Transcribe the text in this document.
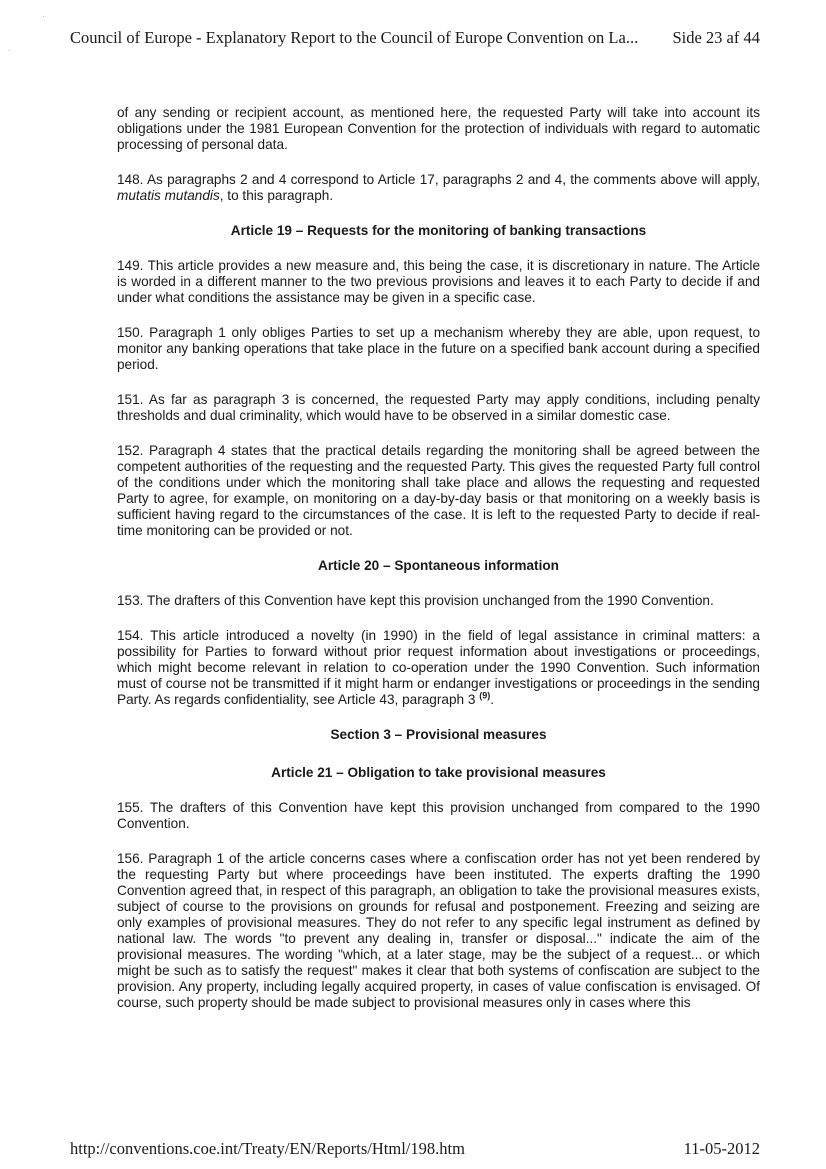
·
·
Council of Europe - Explanatory Report to the Council of Europe Convention on La... Side 23 af 44

of any sending or recipient account, as mentioned here, the requested Party will take into account its obligations under the 1981 European Convention for the protection of individuals with regard to automatic processing of personal data.

148. As paragraphs 2 and 4 correspond to Article 17, paragraphs 2 and 4, the comments above will apply, mutatis mutandis, to this paragraph.

Article 19 – Requests for the monitoring of banking transactions

149. This article provides a new measure and, this being the case, it is discretionary in nature. The Article is worded in a different manner to the two previous provisions and leaves it to each Party to decide if and under what conditions the assistance may be given in a specific case.

150. Paragraph 1 only obliges Parties to set up a mechanism whereby they are able, upon request, to monitor any banking operations that take place in the future on a specified bank account during a specified period.

151. As far as paragraph 3 is concerned, the requested Party may apply conditions, including penalty thresholds and dual criminality, which would have to be observed in a similar domestic case.

152. Paragraph 4 states that the practical details regarding the monitoring shall be agreed between the competent authorities of the requesting and the requested Party. This gives the requested Party full control of the conditions under which the monitoring shall take place and allows the requesting and requested Party to agree, for example, on monitoring on a day-by-day basis or that monitoring on a weekly basis is sufficient having regard to the circumstances of the case. It is left to the requested Party to decide if real-time monitoring can be provided or not.

Article 20 – Spontaneous information

153. The drafters of this Convention have kept this provision unchanged from the 1990 Convention.

154. This article introduced a novelty (in 1990) in the field of legal assistance in criminal matters: a possibility for Parties to forward without prior request information about investigations or proceedings, which might become relevant in relation to co-operation under the 1990 Convention. Such information must of course not be transmitted if it might harm or endanger investigations or proceedings in the sending Party. As regards confidentiality, see Article 43, paragraph 3 $^{(9)}$.

Section 3 – Provisional measures

Article 21 – Obligation to take provisional measures

155. The drafters of this Convention have kept this provision unchanged from compared to the 1990 Convention.

156. Paragraph 1 of the article concerns cases where a confiscation order has not yet been rendered by the requesting Party but where proceedings have been instituted. The experts drafting the 1990 Convention agreed that, in respect of this paragraph, an obligation to take the provisional measures exists, subject of course to the provisions on grounds for refusal and postponement. Freezing and seizing are only examples of provisional measures. They do not refer to any specific legal instrument as defined by national law. The words "to prevent any dealing in, transfer or disposal..." indicate the aim of the provisional measures. The wording "which, at a later stage, may be the subject of a request... or which might be such as to satisfy the request" makes it clear that both systems of confiscation are subject to the provision. Any property, including legally acquired property, in cases of value confiscation is envisaged. Of course, such property should be made subject to provisional measures only in cases where this

http://conventions.coe.int/Treaty/EN/Reports/Html/198.htm	11-05-2012
